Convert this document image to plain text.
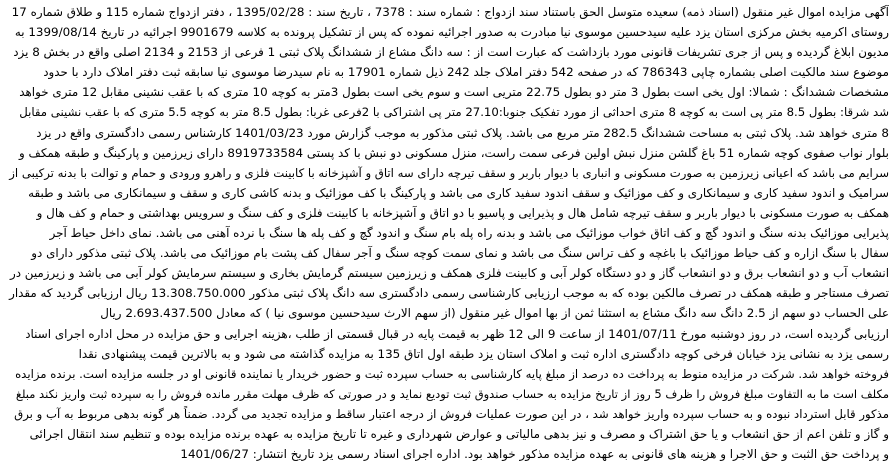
آگهی مزایده اموال غیر منقول (اسناد ذمه) سعیده متوسل الحق باستناد سند ازدواج : شماره سند : 7378 ، تاریخ سند : 1395/02/28 ، دفتر ازدواج شماره 115 و طلاق شماره 17
روستای اکرمیه بخش مرکزی استان یزد علیه سیدحسین موسوی نیا مبادرت به صدور اجرائیه نموده که پس از تشکیل پرونده به کلاسه 9901679 اجرائیه در تاریخ 1399/08/14 به
مدیون ابلاغ گردیده و پس از جری تشریفات قانونی مورد بازداشت که عبارت است از : سه دانگ مشاع از ششدانگ پلاک ثبتی 1 فرعی از 2153 و 2134 اصلی واقع در بخش 8 یزد
موضوع سند مالکیت اصلی بشماره چاپی 786343 که در صفحه 542 دفتر املاک جلد 242 ذیل شماره 17901 به نام سیدرضا موسوی نیا سابقه ثبت دفتر املاک دارد با حدود
مشخصات ششدانگ : شمالا: اول یخی است بطول 3 متر دو بطول 22.75 متریی است و سوم یخی است بطول 3متر به کوچه 10 متری که با عقب نشینی مقابل 12 متری خواهد
شد شرقا: بطول 8.5 متر پی است به کوچه 8 متری احداثی از مورد تفکیک جنوبا:27.10 متر پی اشتراکی با 2فرعی غربا: بطول 8.5 متر به کوچه 5.5 متری که با عقب نشینی مقابل
8 متری خواهد شد. پلاک ثبتی به مساحت ششدانگ 282.5 متر مربع می باشد. پلاک ثبتی مذکور به موجب گزارش مورد 1401/03/23 کارشناس رسمی دادگستری واقع در یزد
بلوار نواب صفوی کوچه شماره 51 باغ گلشن منزل نبش اولین فرعی سمت راست، منزل مسکونی دو نبش با کد پستی 8919733584 دارای زیرزمین و پارکینگ و طبقه همکف و
سرایم می باشد که اعیانی زیرزمین به صورت مسکونی و انباری با دیوار باربر و سقف تیرچه دارای سه اتاق و آشپزخانه با کابینت فلزی و راهرو ورودی و حمام و توالت با بدنه ترکیبی از
سرامیک و اندود سفید کاری و سیمانکاری و کف موزائیک و سقف اندود سفید کاری می باشد و پارکینگ با کف موزائیک و بدنه کاشی کاری و سقف و سیمانکاری می باشد و طبقه
همکف به صورت مسکونی با دیوار باربر و سقف تیرچه شامل هال و پذیرایی و پاسیو با دو اتاق و آشپزخانه با کابینت فلزی و کف سنگ و سرویس بهداشتی و حمام و کف هال و
پذیرایی موزائیک بدنه سنگ و اندود گچ و کف اتاق خواب موزائیک می باشد و بدنه راه پله بام سنگ و اندود گچ و کف پله ها سنگ با نرده آهنی می باشد. نمای داخل حیاط آجر
سفال با سنگ ازاره و کف حیاط موزائیک با باغچه و کف تراس سنگ می باشد و نمای سمت کوچه سنگ و آجر سفال کف پشت بام موزائیک می باشد. پلاک ثبتی مذکور دارای دو
انشعاب آب و دو انشعاب برق و دو انشعاب گاز و دو دستگاه کولر آبی و کابینت فلزی همکف و زیرزمین سیستم گرمایش بخاری و سیستم سرمایش کولر آبی می باشد و زیرزمین در
تصرف مستاجر و طبقه همکف در تصرف مالکین بوده که به موجب ارزیابی کارشناسی رسمی دادگستری سه دانگ پلاک ثبتی مذکور 13.308.750.000 ریال ارزیابی گردید که مقدار
علی الحساب دو سهم از 2.5 دانگ سه دانگ مشاع به استثنا ثمن از بها اموال غیر منقول (از سهم الارث سیدحسین موسوی نیا ) که معادل 2.693.437.500 ریال
ارزیابی گردیده است، در روز دوشنبه مورخ 1401/07/11 از ساعت 9 الی 12 ظهر به قیمت پایه در قبال قسمتی از طلب ،هزینه اجرایی و حق مزایده در محل اداره اجرای اسناد
رسمی یزد به نشانی یزد خیابان فرخی کوچه دادگستری اداره ثبت و املاک استان یزد طبقه اول اتاق 135 به مزایده گذاشته می شود و به بالاترین قیمت پیشنهادی نقدا
فروخته خواهد شد. شرکت در مزایده منوط به پرداخت ده درصد از مبلغ پایه کارشناسی به حساب سپرده ثبت و حضور خریدار یا نماینده قانونی او در جلسه مزایده است. برنده مزایده
مکلف است ما به التفاوت مبلغ فروش را ظرف 5 روز از تاریخ مزایده به حساب صندوق ثبت تودیع نماید و در صورتی که ظرف مهلت مقرر مانده فروش را به سپرده ثبت واریز نکند مبلغ
مذکور قابل استرداد نبوده و به حساب سپرده واریز خواهد شد ، در این صورت عملیات فروش از درجه اعتبار ساقط و مزایده تجدید می گردد. ضمناً هر گونه بدهی مربوط به آب و برق
و گاز و تلفن اعم از حق انشعاب و یا حق اشتراک و مصرف و نیز بدهی مالیاتی و عوارض شهرداری و غیره تا تاریخ مزایده به عهده برنده مزایده بوده و تنظیم سند انتقال اجرائی
و پرداخت حق الثبت و حق الاجرا و هزینه های قانونی به عهده مزایده مذکور خواهد بود. اداره اجرای اسناد رسمی یزد تاریخ انتشار: 1401/06/27
